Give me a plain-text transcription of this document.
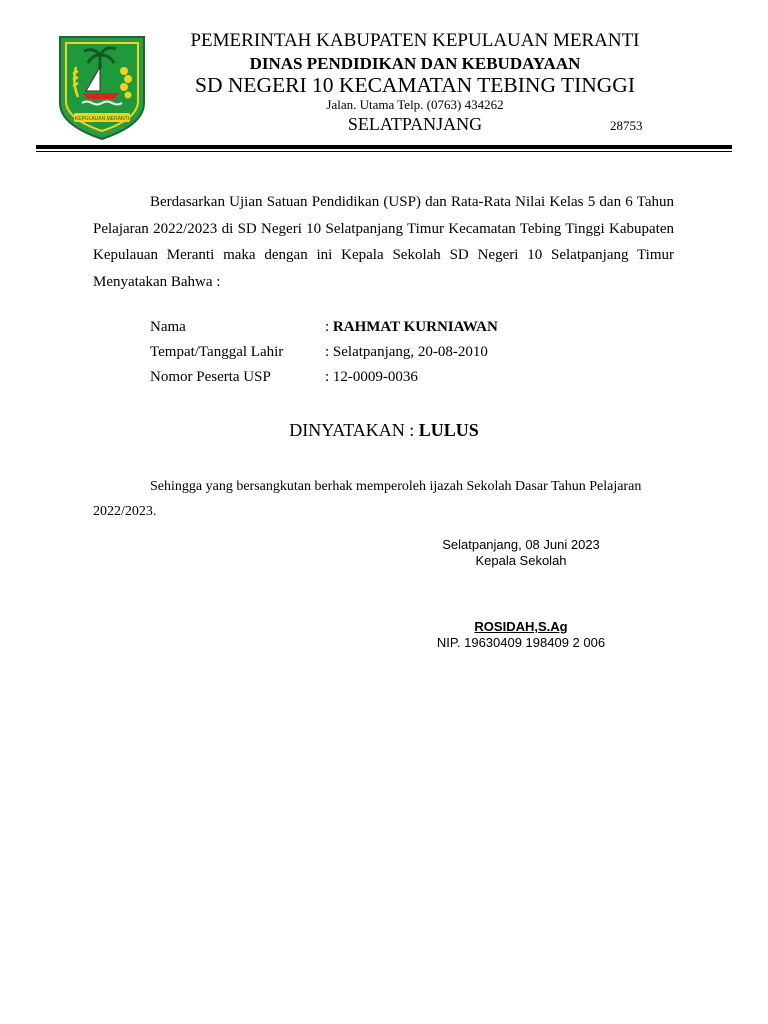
KEPULAUAN MERANTI
PEMERINTAH KABUPATEN KEPULAUAN MERANTI
DINAS PENDIDIKAN DAN KEBUDAYAAN
SD NEGERI 10 KECAMATAN TEBING TINGGI
Jalan. Utama Telp. (0763) 434262
SELATPANJANG	28753
Berdasarkan Ujian Satuan Pendidikan (USP) dan Rata-Rata Nilai Kelas 5 dan 6 Tahun Pelajaran 2022/2023 di SD Negeri 10 Selatpanjang Timur Kecamatan Tebing Tinggi Kabupaten Kepulauan Meranti maka dengan ini Kepala Sekolah SD Negeri 10 Selatpanjang Timur Menyatakan Bahwa :
Nama	: RAHMAT KURNIAWAN
Tempat/Tanggal Lahir	: Selatpanjang, 20-08-2010
Nomor Peserta USP	: 12-0009-0036
DINYATAKAN : LULUS
Sehingga yang bersangkutan berhak memperoleh ijazah Sekolah Dasar Tahun Pelajaran 2022/2023.
Selatpanjang, 08 Juni 2023
Kepala Sekolah
ROSIDAH,S.Ag
NIP. 19630409 198409 2 006
